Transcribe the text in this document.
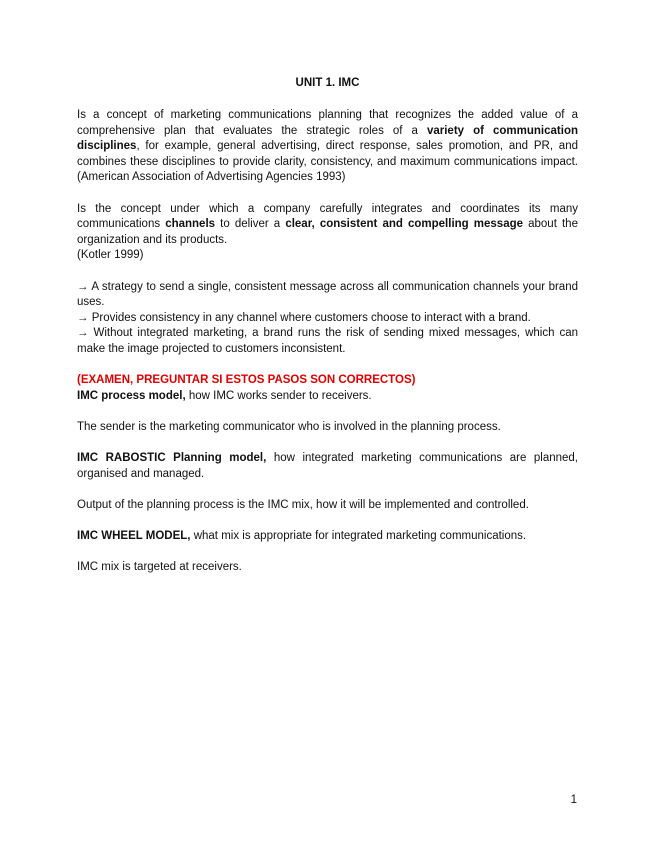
UNIT 1. IMC

Is a concept of marketing communications planning that recognizes the added value of a comprehensive plan that evaluates the strategic roles of a variety of communication disciplines, for example, general advertising, direct response, sales promotion, and PR, and combines these disciplines to provide clarity, consistency, and maximum communications impact. (American Association of Advertising Agencies 1993)

Is the concept under which a company carefully integrates and coordinates its many communications channels to deliver a clear, consistent and compelling message about the organization and its products.

(Kotler 1999)

→ A strategy to send a single, consistent message across all communication channels your brand uses.

→ Provides consistency in any channel where customers choose to interact with a brand.

→ Without integrated marketing, a brand runs the risk of sending mixed messages, which can make the image projected to customers inconsistent.

(EXAMEN, PREGUNTAR SI ESTOS PASOS SON CORRECTOS)

IMC process model, how IMC works sender to receivers.

The sender is the marketing communicator who is involved in the planning process.

IMC RABOSTIC Planning model, how integrated marketing communications are planned, organised and managed.

Output of the planning process is the IMC mix, how it will be implemented and controlled.

IMC WHEEL MODEL, what mix is appropriate for integrated marketing communications.

IMC mix is targeted at receivers.

1
